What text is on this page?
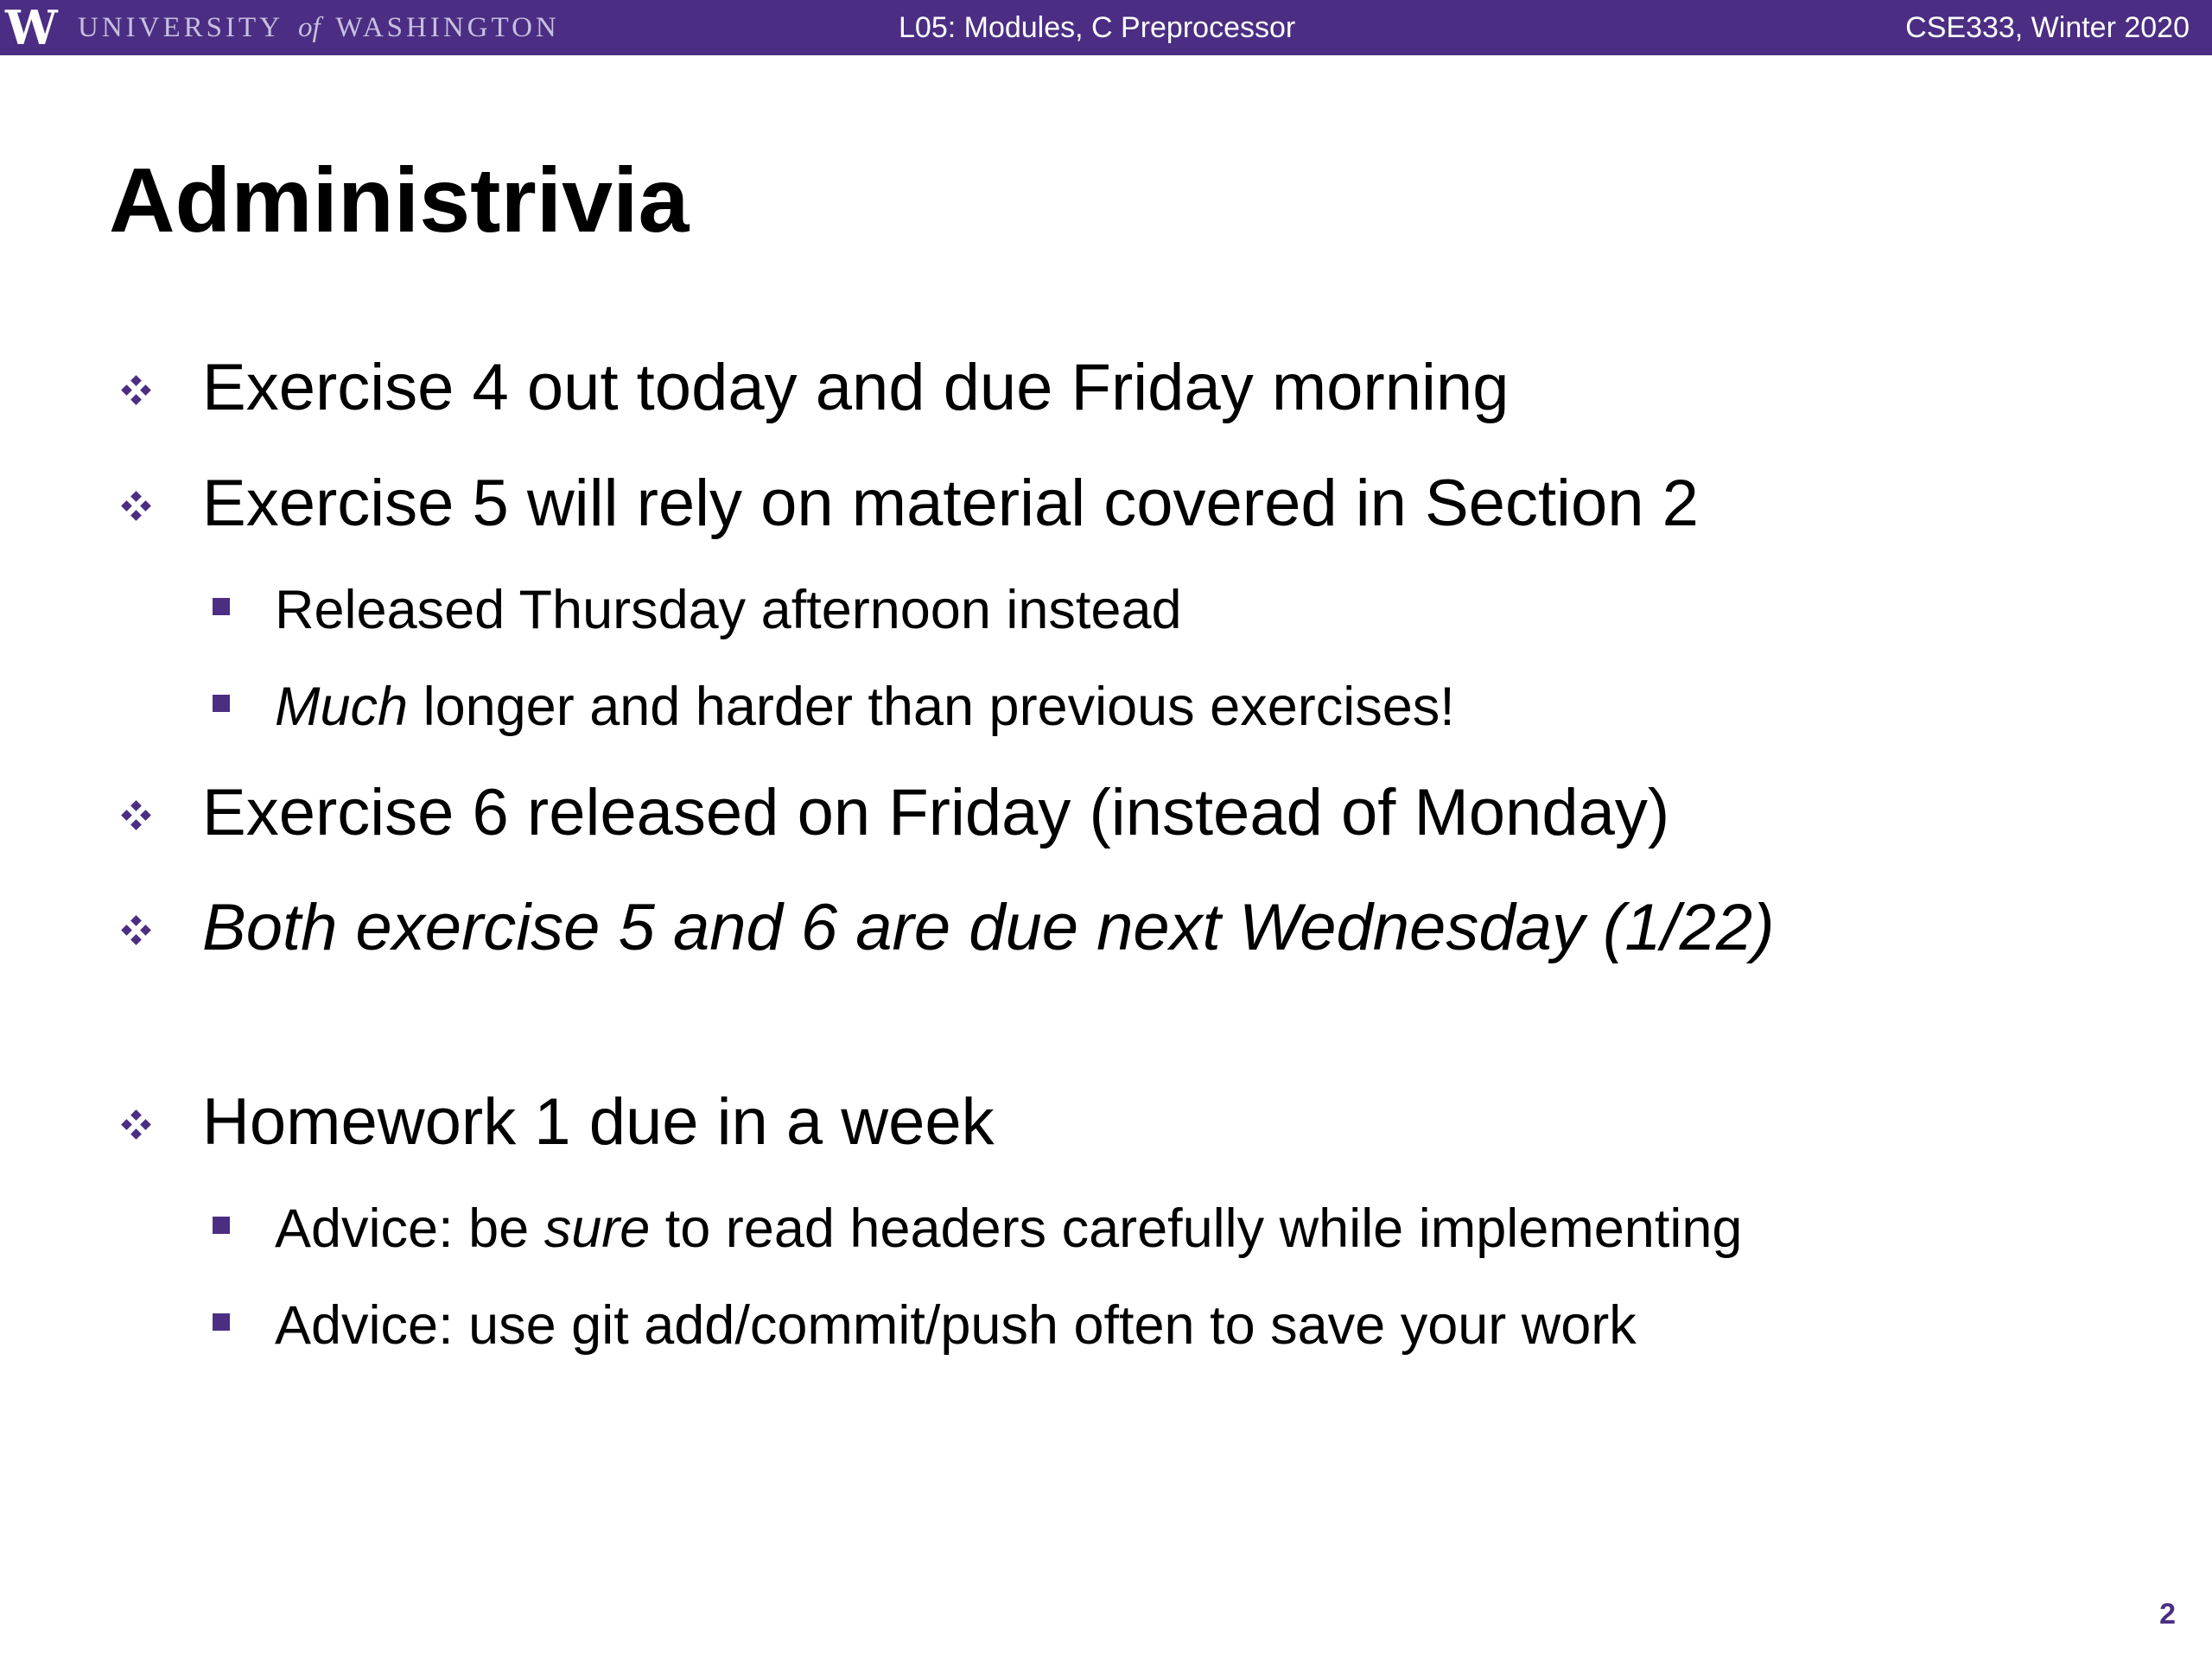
W UNIVERSITY of WASHINGTON	L05: Modules, C Preprocessor	CSE333, Winter 2020
Administrivia
Exercise 4 out today and due Friday morning
Exercise 5 will rely on material covered in Section 2
Released Thursday afternoon instead
Much longer and harder than previous exercises!
Exercise 6 released on Friday (instead of Monday)
Both exercise 5 and 6 are due next Wednesday (1/22)
Homework 1 due in a week
Advice: be sure to read headers carefully while implementing
Advice: use git add/commit/push often to save your work
2
